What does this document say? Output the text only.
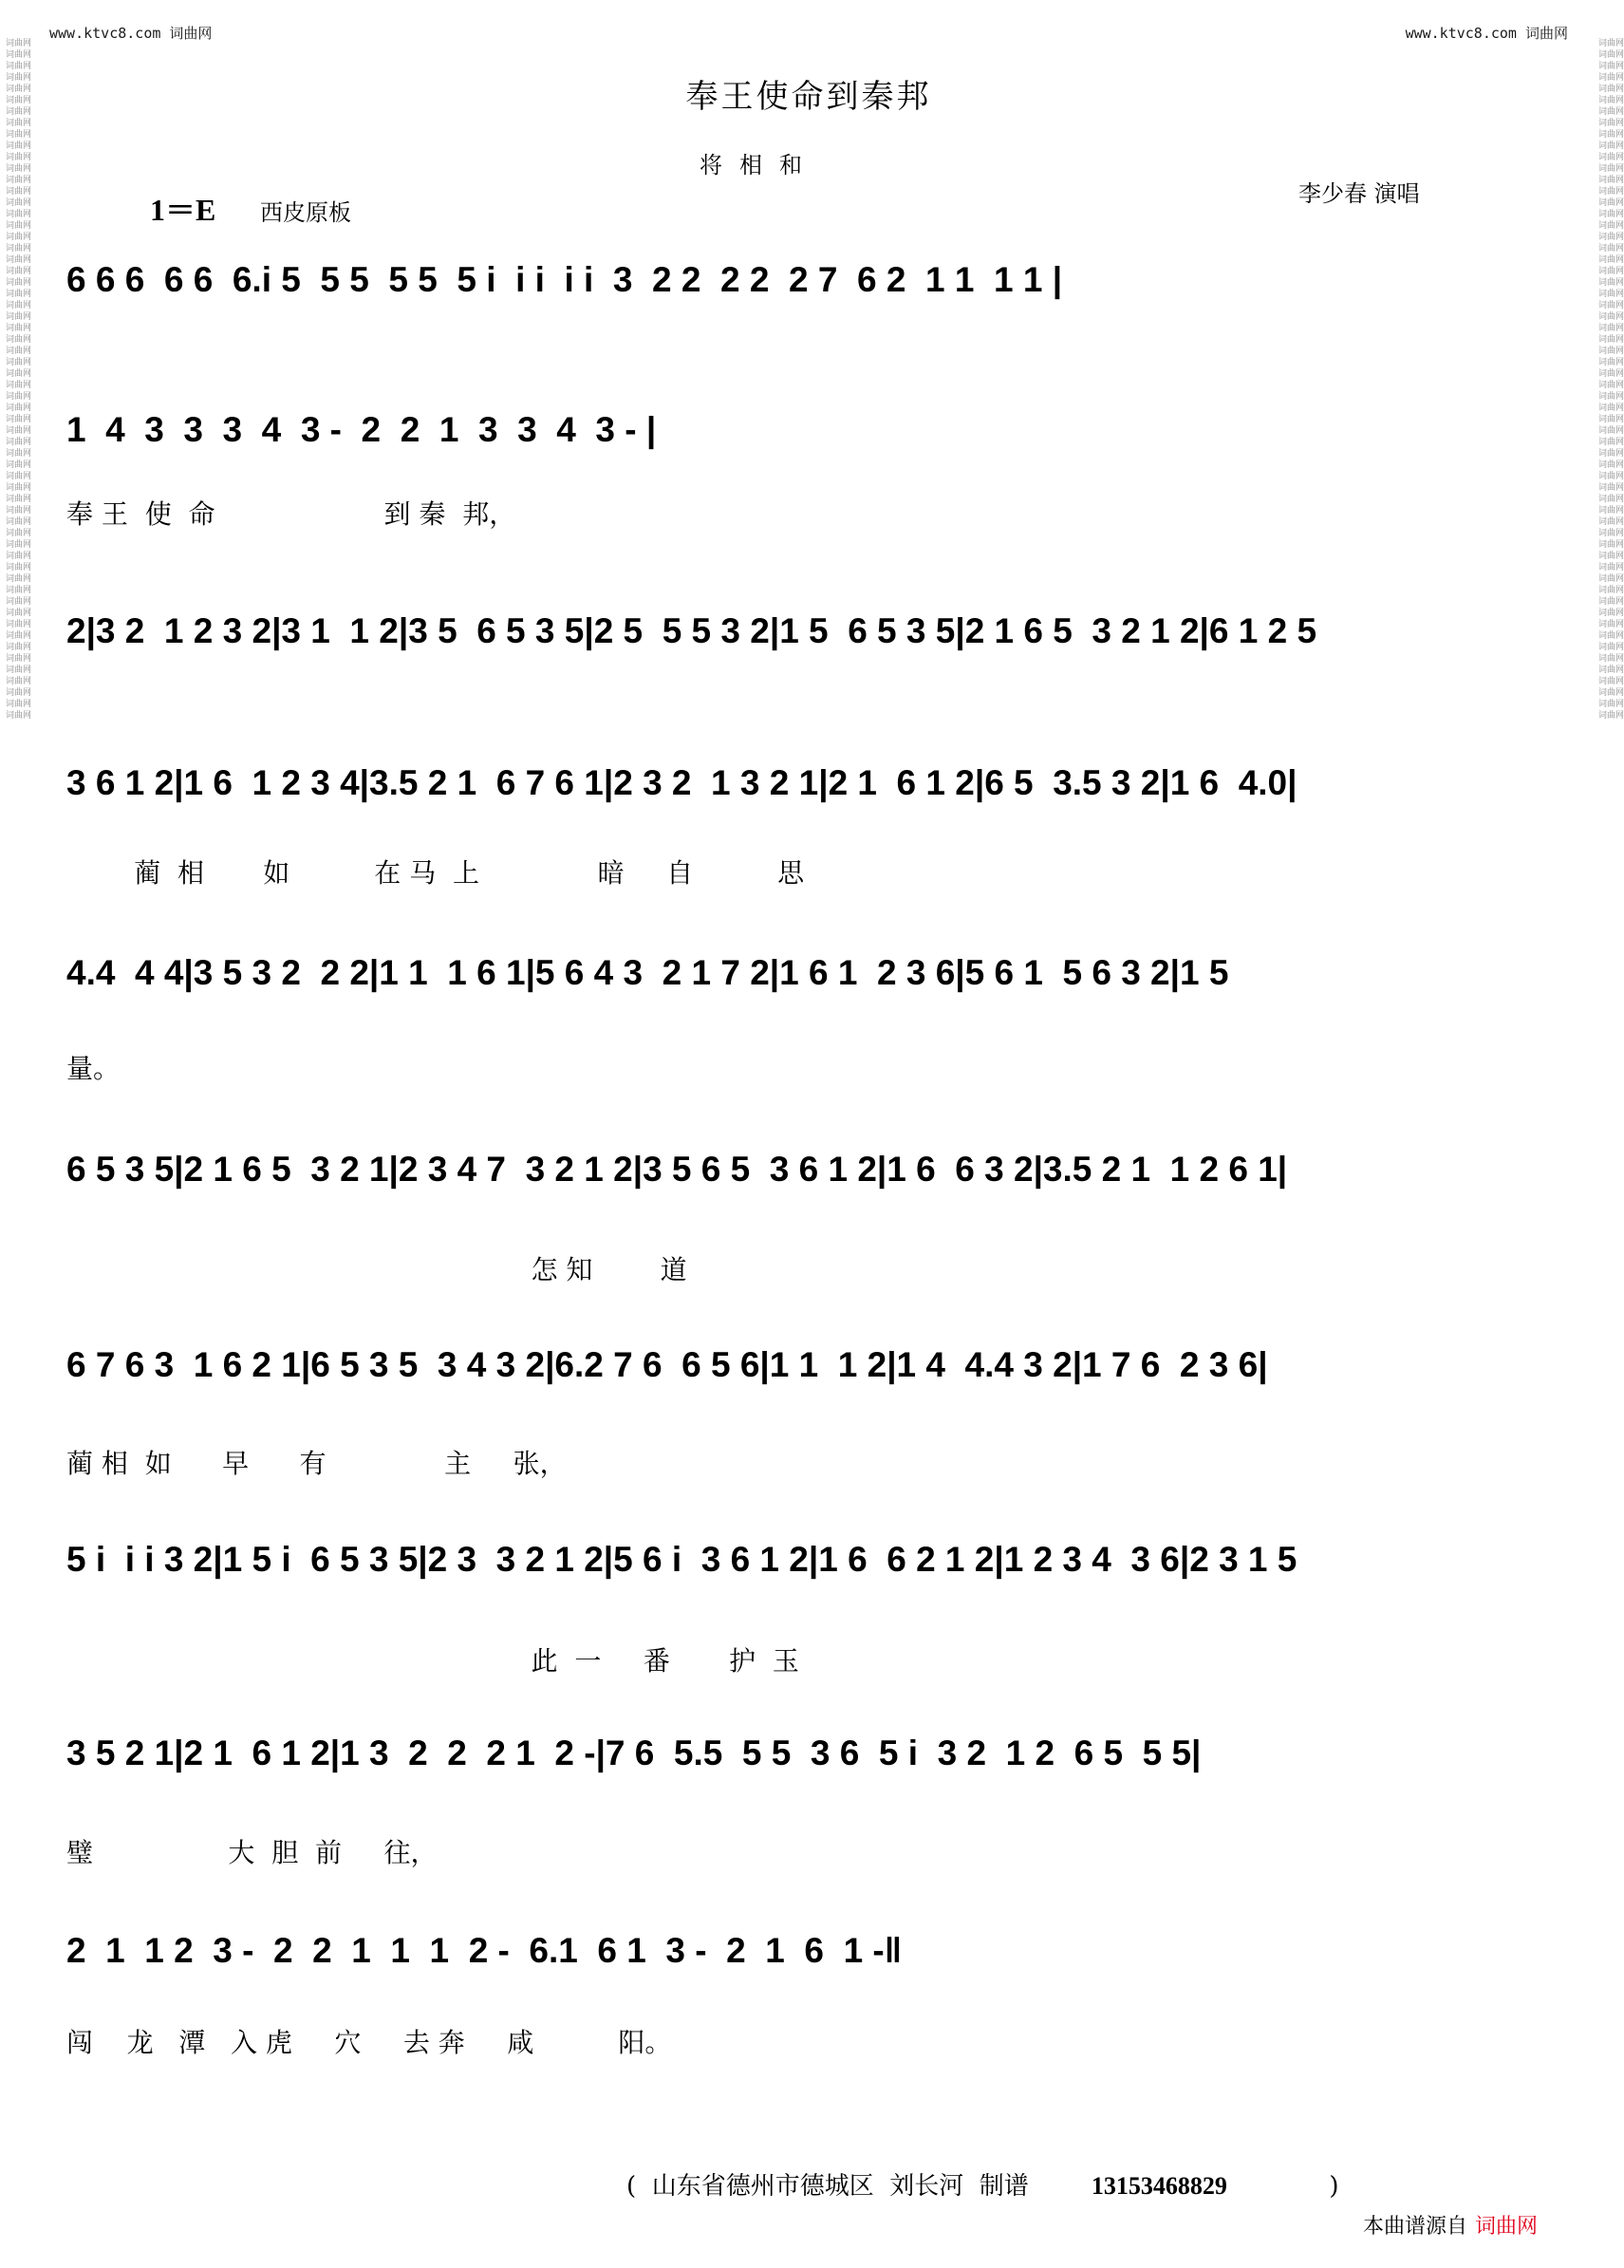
www.ktvc8.com 词曲网	www.ktvc8.com 词曲网
词曲网
词曲网
词曲网
词曲网
词曲网
词曲网
词曲网
词曲网
词曲网
词曲网
词曲网
词曲网
词曲网
词曲网
词曲网
词曲网
词曲网
词曲网
词曲网
词曲网
词曲网
词曲网
词曲网
词曲网
词曲网
词曲网
词曲网
词曲网
词曲网
词曲网
词曲网
词曲网
词曲网
词曲网
词曲网
词曲网
词曲网
词曲网
词曲网
词曲网
词曲网
词曲网
词曲网
词曲网
词曲网
词曲网
词曲网
词曲网
词曲网
词曲网
词曲网
词曲网
词曲网
词曲网
词曲网
词曲网
词曲网
词曲网
词曲网
词曲网
词曲网
词曲网
词曲网
词曲网
词曲网
词曲网
词曲网
词曲网
词曲网
词曲网
词曲网
词曲网
词曲网
词曲网
词曲网
词曲网
词曲网
词曲网
词曲网
词曲网
词曲网
词曲网
词曲网
词曲网
词曲网
词曲网
词曲网
词曲网
词曲网
词曲网
词曲网
词曲网
词曲网
词曲网
词曲网
词曲网
词曲网
词曲网
词曲网
词曲网
词曲网
词曲网
词曲网
词曲网
词曲网
词曲网
词曲网
词曲网
词曲网
词曲网
词曲网
词曲网
词曲网
词曲网
词曲网
词曲网
词曲网
词曲网
词曲网
词曲网
奉王使命到秦邦
将相和
1＝E 西皮原板
李少春 演唱
6 6 6  6 6  6.i 5  5 5  5 5  5 i  i i  i i  3  2 2  2 2  2 7  6 2  1 1  1 1 |
1  4  3  3  3  4  3 -  2  2  1  3  3  4  3 - |
奉 王  使  命                    到 秦  邦，
2|3 2  1 2 3 2|3 1  1 2|3 5  6 5 3 5|2 5  5 5 3 2|1 5  6 5 3 5|2 1 6 5  3 2 1 2|6 1 2 5
3 6 1 2|1 6  1 2 3 4|3.5 2 1  6 7 6 1|2 3 2  1 3 2 1|2 1  6 1 2|6 5  3.5 3 2|1 6  4.0|
蔺  相       如          在 马  上              暗     自          思
4.4  4 4|3 5 3 2  2 2|1 1  1 6 1|5 6 4 3  2 1 7 2|1 6 1  2 3 6|5 6 1  5 6 3 2|1 5
量。
6 5 3 5|2 1 6 5  3 2 1|2 3 4 7  3 2 1 2|3 5 6 5  3 6 1 2|1 6  6 3 2|3.5 2 1  1 2 6 1|
怎 知        道
6 7 6 3  1 6 2 1|6 5 3 5  3 4 3 2|6.2 7 6  6 5 6|1 1  1 2|1 4  4.4 3 2|1 7 6  2 3 6|
蔺 相  如      早      有              主     张，
5 i  i i 3 2|1 5 i  6 5 3 5|2 3  3 2 1 2|5 6 i  3 6 1 2|1 6  6 2 1 2|1 2 3 4  3 6|2 3 1 5
此  一     番       护  玉
3 5 2 1|2 1  6 1 2|1 3  2  2  2 1  2 -|7 6  5.5  5 5  3 6  5 i  3 2  1 2  6 5  5 5|
璧                大  胆  前     往，
2  1  1 2  3 -  2  2  1  1  1  2 -  6.1  6 1  3 -  2  1  6  1 -‖
闯    龙   潭   入 虎     穴     去 奔     咸          阳。
( 山东省德州市德城区  刘长河  制谱	13153468829	)
本曲谱源自 词曲网
